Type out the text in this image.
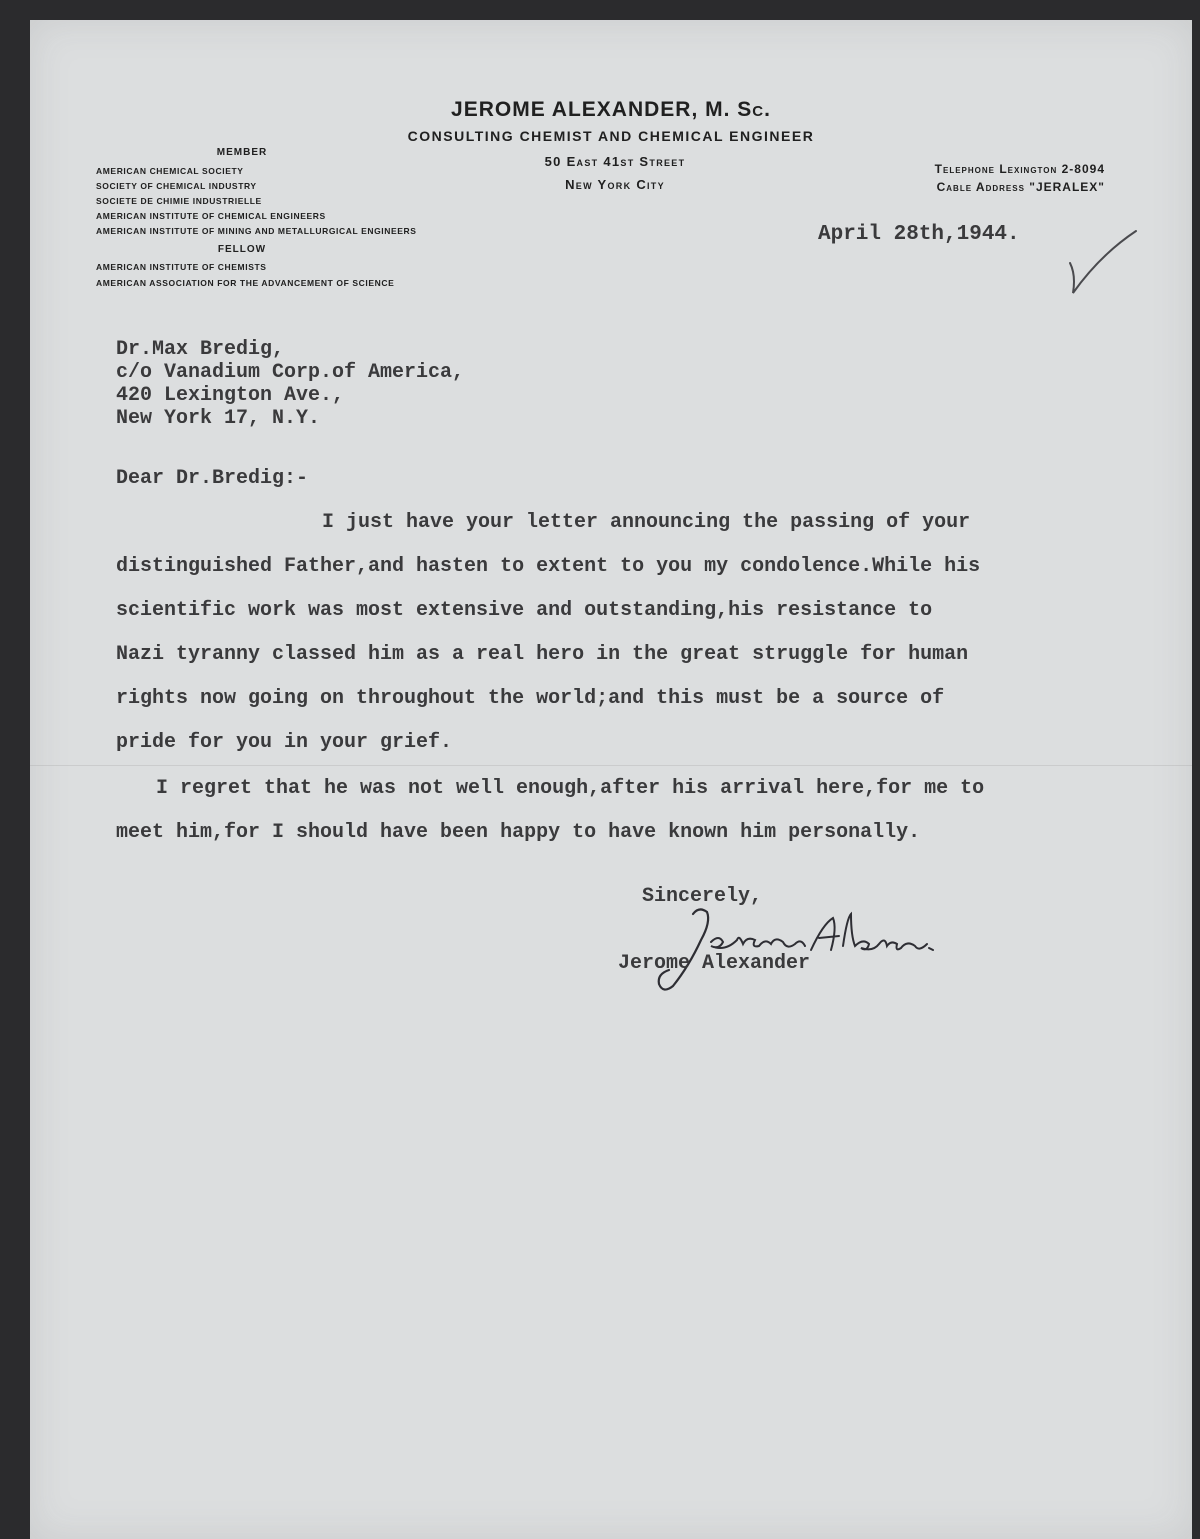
JEROME ALEXANDER, M. Sc.
CONSULTING CHEMIST AND CHEMICAL ENGINEER
50 East 41st Street
New York City
Telephone Lexington 2-8094
Cable Address "JERALEX"
MEMBER
AMERICAN CHEMICAL SOCIETY
SOCIETY OF CHEMICAL INDUSTRY
SOCIETE DE CHIMIE INDUSTRIELLE
AMERICAN INSTITUTE OF CHEMICAL ENGINEERS
AMERICAN INSTITUTE OF MINING AND METALLURGICAL ENGINEERS
FELLOW
AMERICAN INSTITUTE OF CHEMISTS
AMERICAN ASSOCIATION FOR THE ADVANCEMENT OF SCIENCE
April 28th,1944.
Dr.Max Bredig,
c/o Vanadium Corp.of America,
420 Lexington Ave.,
New York 17, N.Y.
Dear Dr.Bredig:-
I just have your letter announcing the passing of your
distinguished Father,and hasten to extent to you my condolence.While his
scientific work was most extensive and outstanding,his resistance to
Nazi tyranny classed him as a real hero in the great struggle for human
rights now going on throughout the world;and this must be a source of
pride for you in your grief.
I regret that he was not well enough,after his arrival here,for me to
meet him,for I should have been happy to have known him personally.
Sincerely,
Jerome Alexander
